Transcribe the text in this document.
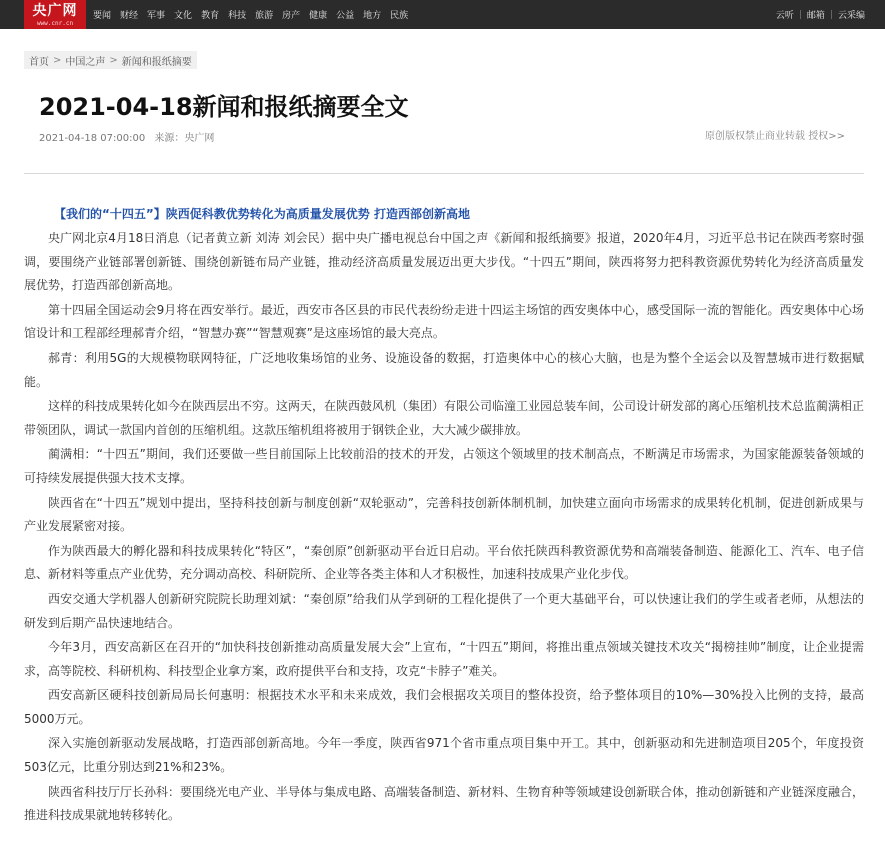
央广网
www.cnr.cn
要闻 财经 军事 文化 教育 科技 旅游 房产 健康 公益 地方 民族	云听 | 邮箱 | 云采编
首页 > 中国之声 > 新闻和报纸摘要
2021-04-18新闻和报纸摘要全文
2021-04-18 07:00:00 来源：央广网	原创版权禁止商业转载 授权>>

【我们的“十四五”】陕西促科教优势转化为高质量发展优势 打造西部创新高地

央广网北京4月18日消息（记者黄立新 刘涛 刘会民）据中央广播电视总台中国之声《新闻和报纸摘要》报道，2020年4月，习近平总书记在陕西考察时强调，要围绕产业链部署创新链、围绕创新链布局产业链，推动经济高质量发展迈出更大步伐。“十四五”期间，陕西将努力把科教资源优势转化为经济高质量发展优势，打造西部创新高地。

第十四届全国运动会9月将在西安举行。最近，西安市各区县的市民代表纷纷走进十四运主场馆的西安奥体中心，感受国际一流的智能化。西安奥体中心场馆设计和工程部经理郝青介绍，“智慧办赛”“智慧观赛”是这座场馆的最大亮点。

郝青：利用5G的大规模物联网特征，广泛地收集场馆的业务、设施设备的数据，打造奥体中心的核心大脑，也是为整个全运会以及智慧城市进行数据赋能。

这样的科技成果转化如今在陕西层出不穷。这两天，在陕西鼓风机（集团）有限公司临潼工业园总装车间，公司设计研发部的离心压缩机技术总监蔺满相正带领团队，调试一款国内首创的压缩机组。这款压缩机组将被用于钢铁企业，大大减少碳排放。

蔺满相：“十四五”期间，我们还要做一些目前国际上比较前沿的技术的开发，占领这个领域里的技术制高点，不断满足市场需求，为国家能源装备领域的可持续发展提供强大技术支撑。

陕西省在“十四五”规划中提出，坚持科技创新与制度创新“双轮驱动”，完善科技创新体制机制，加快建立面向市场需求的成果转化机制，促进创新成果与产业发展紧密对接。

作为陕西最大的孵化器和科技成果转化“特区”，“秦创原”创新驱动平台近日启动。平台依托陕西科教资源优势和高端装备制造、能源化工、汽车、电子信息、新材料等重点产业优势，充分调动高校、科研院所、企业等各类主体和人才积极性，加速科技成果产业化步伐。

西安交通大学机器人创新研究院院长助理刘斌：“秦创原”给我们从学到研的工程化提供了一个更大基础平台，可以快速让我们的学生或者老师，从想法的研发到后期产品快速地结合。

今年3月，西安高新区在召开的“加快科技创新推动高质量发展大会”上宣布，“十四五”期间，将推出重点领域关键技术攻关“揭榜挂帅”制度，让企业提需求，高等院校、科研机构、科技型企业拿方案，政府提供平台和支持，攻克“卡脖子”难关。

西安高新区硬科技创新局局长何惠明：根据技术水平和未来成效，我们会根据攻关项目的整体投资，给予整体项目的10%—30%投入比例的支持，最高5000万元。

深入实施创新驱动发展战略，打造西部创新高地。今年一季度，陕西省971个省市重点项目集中开工。其中，创新驱动和先进制造项目205个，年度投资503亿元，比重分别达到21%和23%。

陕西省科技厅厅长孙科：要围绕光电产业、半导体与集成电路、高端装备制造、新材料、生物育种等领域建设创新联合体，推动创新链和产业链深度融合，推进科技成果就地转移转化。
